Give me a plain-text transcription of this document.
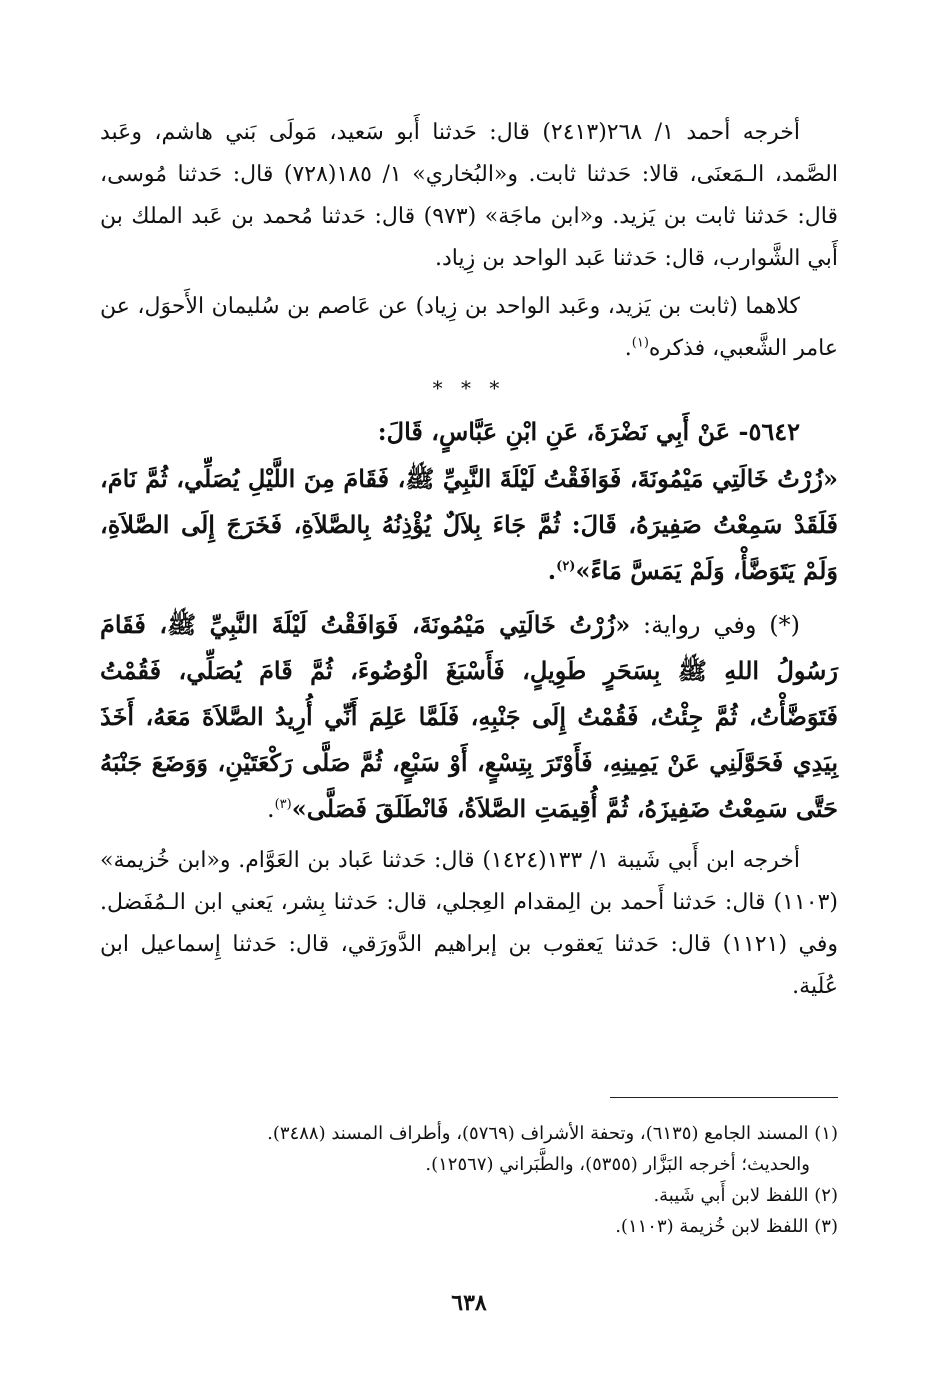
أخرجه أحمد ١/ ٢٦٨(٢٤١٣) قال: حَدثنا أَبو سَعيد، مَولَى بَني هاشم، وعَبد الصَّمد، الـمَعنَى، قالا: حَدثنا ثابت. و«البُخاري» ١/ ١٨٥(٧٢٨) قال: حَدثنا مُوسى، قال: حَدثنا ثابت بن يَزيد. و«ابن ماجَة» (٩٧٣) قال: حَدثنا مُحمد بن عَبد الملك بن أَبي الشَّوارب، قال: حَدثنا عَبد الواحد بن زِياد.

كلاهما (ثابت بن يَزيد، وعَبد الواحد بن زِياد) عن عَاصم بن سُليمان الأَحوَل، عن عامر الشَّعبي، فذكره$^{(١)}$.

* * *

٥٦٤٢- عَنْ أَبِي نَضْرَةَ، عَنِ ابْنِ عَبَّاسٍ، قَالَ:

«زُرْتُ خَالَتِي مَيْمُونَةَ، فَوَافَقْتُ لَيْلَةَ النَّبِيِّ ﷺ، فَقَامَ مِنَ اللَّيْلِ يُصَلِّي، ثُمَّ نَامَ، فَلَقَدْ سَمِعْتُ صَفِيرَهُ، قَالَ: ثُمَّ جَاءَ بِلاَلٌ يُؤْذِنُهُ بِالصَّلاَةِ، فَخَرَجَ إِلَى الصَّلاَةِ، وَلَمْ يَتَوَضَّأْ، وَلَمْ يَمَسَّ مَاءً»$^{(٢)}$.

(*) وفي رواية: «زُرْتُ خَالَتِي مَيْمُونَةَ، فَوَافَقْتُ لَيْلَةَ النَّبِيِّ ﷺ، فَقَامَ رَسُولُ اللهِ ﷺ بِسَحَرٍ طَوِيلٍ، فَأَسْبَغَ الْوُضُوءَ، ثُمَّ قَامَ يُصَلِّي، فَقُمْتُ فَتَوَضَّأْتُ، ثُمَّ جِئْتُ، فَقُمْتُ إِلَى جَنْبِهِ، فَلَمَّا عَلِمَ أَنِّي أُرِيدُ الصَّلاَةَ مَعَهُ، أَخَذَ بِيَدِي فَحَوَّلَنِي عَنْ يَمِينِهِ، فَأَوْتَرَ بِتِسْعٍ، أَوْ سَبْعٍ، ثُمَّ صَلَّى رَكْعَتَيْنِ، وَوَضَعَ جَنْبَهُ حَتَّى سَمِعْتُ ضَفِيزَهُ، ثُمَّ أُقِيمَتِ الصَّلاَةُ، فَانْطَلَقَ فَصَلَّى»$^{(٣)}$.

أخرجه ابن أَبي شَيبة ١/ ١٣٣(١٤٢٤) قال: حَدثنا عَباد بن العَوَّام. و«ابن خُزيمة» (١١٠٣) قال: حَدثنا أَحمد بن الِمقدام العِجلي، قال: حَدثنا بِشر، يَعني ابن الـمُفَضل. وفي (١١٢١) قال: حَدثنا يَعقوب بن إبراهيم الدَّورَقي، قال: حَدثنا إِسماعيل ابن عُلَية.

(١) المسند الجامع (٦١٣٥)، وتحفة الأشراف (٥٧٦٩)، وأطراف المسند (٣٤٨٨).
والحديث؛ أخرجه البَزَّار (٥٣٥٥)، والطَّبَراني (١٢٥٦٧).
(٢) اللفظ لابن أَبي شَيبة.
(٣) اللفظ لابن خُزيمة (١١٠٣).
٦٣٨
